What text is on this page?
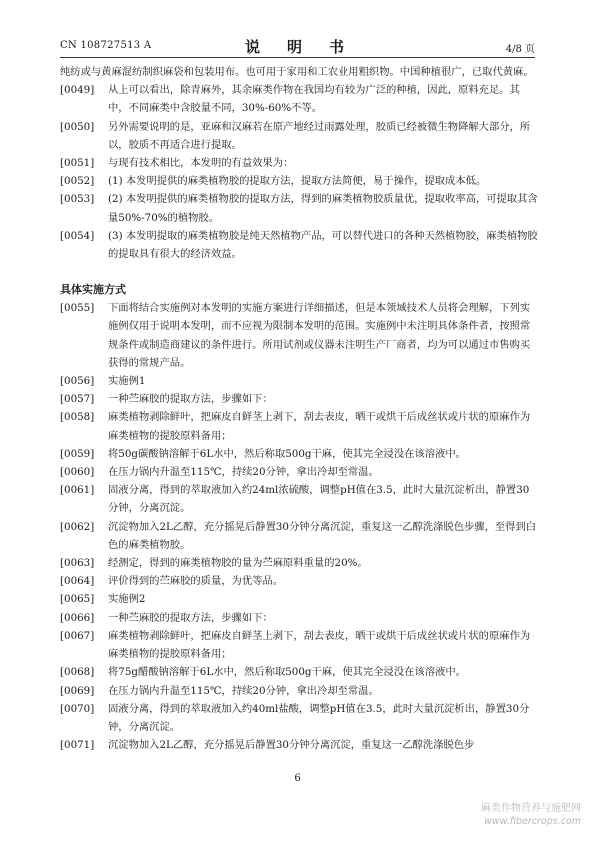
CN 108727513 A	说　明　书	4/8 页

纯纺或与黄麻混纺制织麻袋和包装用布。也可用于家用和工农业用粗织物。中国种植很广，已取代黄麻。

[0049] 从上可以看出，除青麻外，其余麻类作物在我国均有较为广泛的种植，因此，原料充足。其中，不同麻类中含胶量不同，30%-60%不等。

[0050] 另外需要说明的是，亚麻和汉麻若在原产地经过雨露处理，胶质已经被微生物降解大部分，所以，胶质不再适合进行提取。

[0051] 与现有技术相比，本发明的有益效果为：

[0052] (1) 本发明提供的麻类植物胶的提取方法，提取方法简便，易于操作，提取成本低。

[0053] (2) 本发明提供的麻类植物胶的提取方法，得到的麻类植物胶质量优，提取收率高，可提取其含量50%-70%的植物胶。

[0054] (3) 本发明提取的麻类植物胶是纯天然植物产品，可以替代进口的各种天然植物胶，麻类植物胶的提取具有很大的经济效益。

具体实施方式

[0055] 下面将结合实施例对本发明的实施方案进行详细描述，但是本领域技术人员将会理解，下列实施例仅用于说明本发明，而不应视为限制本发明的范围。实施例中未注明具体条件者，按照常规条件或制造商建议的条件进行。所用试剂或仪器未注明生产厂商者，均为可以通过市售购买获得的常规产品。

[0056] 实施例1

[0057] 一种苎麻胶的提取方法，步骤如下：

[0058] 麻类植物剥除鲜叶，把麻皮自鲜茎上剥下，刮去表皮，晒干或烘干后成丝状或片状的原麻作为麻类植物的提胶原料备用；

[0059] 将50g碳酸钠溶解于6L水中，然后称取500g干麻，使其完全浸没在该溶液中。

[0060] 在压力锅内升温至115℃，持续20分钟，拿出冷却至常温。

[0061] 固液分离，得到的萃取液加入约24ml浓硫酸，调整pH值在3.5，此时大量沉淀析出，静置30分钟，分离沉淀。

[0062] 沉淀物加入2L乙醇，充分摇晃后静置30分钟分离沉淀，重复这一乙醇洗涤脱色步骤，至得到白色的麻类植物胶。

[0063] 经测定，得到的麻类植物胶的量为苎麻原料重量的20%。

[0064] 评价得到的苎麻胶的质量，为优等品。

[0065] 实施例2

[0066] 一种苎麻胶的提取方法，步骤如下：

[0067] 麻类植物剥除鲜叶，把麻皮自鲜茎上剥下，刮去表皮，晒干或烘干后成丝状或片状的原麻作为麻类植物的提胶原料备用；

[0068] 将75g醋酸钠溶解于6L水中，然后称取500g干麻，使其完全浸没在该溶液中。

[0069] 在压力锅内升温至115℃，持续20分钟，拿出冷却至常温。

[0070] 固液分离，得到的萃取液加入约40ml盐酸，调整pH值在3.5，此时大量沉淀析出，静置30分钟，分离沉淀。

[0071] 沉淀物加入2L乙醇，充分摇晃后静置30分钟分离沉淀，重复这一乙醇洗涤脱色步

6
麻类作物营养与施肥网
www.fibercrops.com
